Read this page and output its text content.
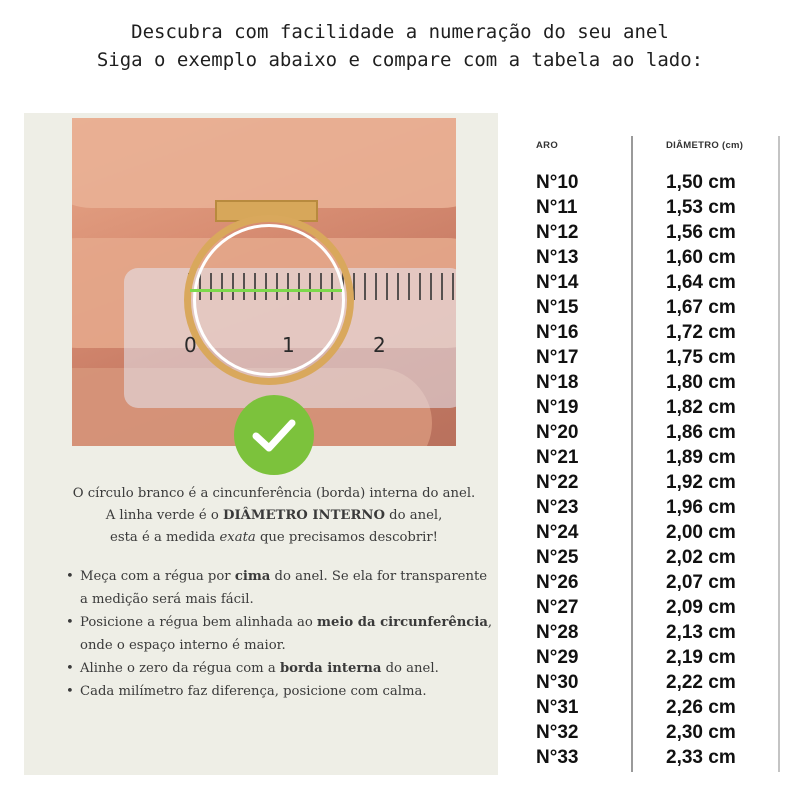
Descubra com facilidade a numeração do seu anel
Siga o exemplo abaixo e compare com a tabela ao lado:
0	1	2
O círculo branco é a cincunferência (borda) interna do anel.
A linha verde é o DIÂMETRO INTERNO do anel,
esta é a medida exata que precisamos descobrir!
• Meça com a régua por cima do anel. Se ela for transparente
a medição será mais fácil.
• Posicione a régua bem alinhada ao meio da circunferência,
onde o espaço interno é maior.
• Alinhe o zero da régua com a borda interna do anel.
• Cada milímetro faz diferença, posicione com calma.
ARO	DIÂMETRO (cm)
N°10	1,50 cm
N°11	1,53 cm
N°12	1,56 cm
N°13	1,60 cm
N°14	1,64 cm
N°15	1,67 cm
N°16	1,72 cm
N°17	1,75 cm
N°18	1,80 cm
N°19	1,82 cm
N°20	1,86 cm
N°21	1,89 cm
N°22	1,92 cm
N°23	1,96 cm
N°24	2,00 cm
N°25	2,02 cm
N°26	2,07 cm
N°27	2,09 cm
N°28	2,13 cm
N°29	2,19 cm
N°30	2,22 cm
N°31	2,26 cm
N°32	2,30 cm
N°33	2,33 cm
